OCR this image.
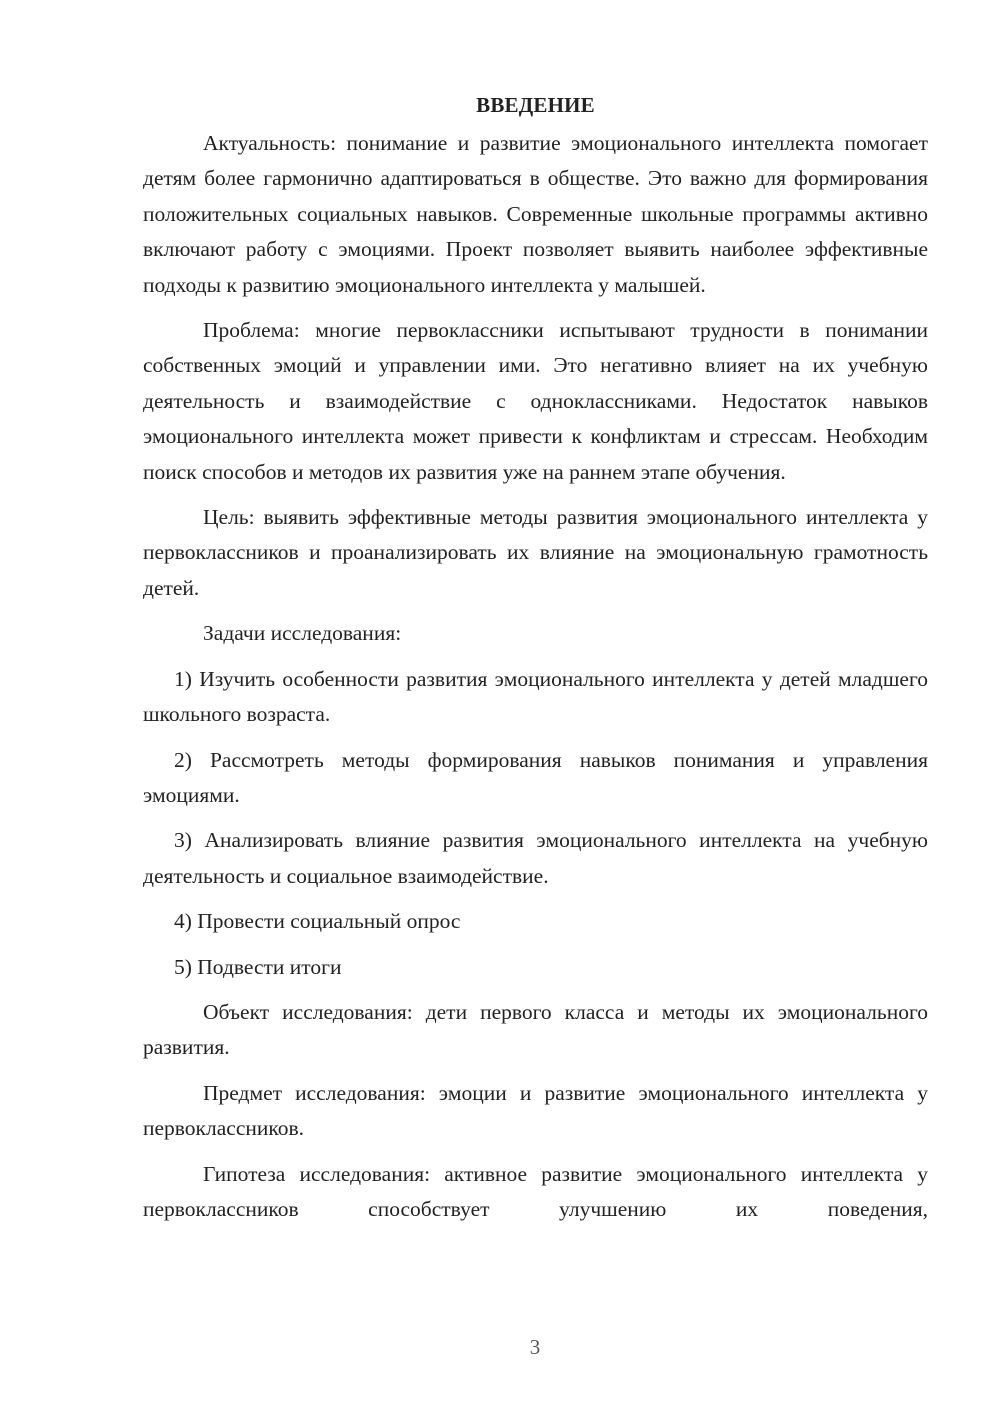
ВВЕДЕНИЕ

Актуальность: понимание и развитие эмоционального интеллекта помогает детям более гармонично адаптироваться в обществе. Это важно для формирования положительных социальных навыков. Современные школьные программы активно включают работу с эмоциями. Проект позволяет выявить наиболее эффективные подходы к развитию эмоционального интеллекта у малышей.

Проблема: многие первоклассники испытывают трудности в понимании собственных эмоций и управлении ими. Это негативно влияет на их учебную деятельность и взаимодействие с одноклассниками. Недостаток навыков эмоционального интеллекта может привести к конфликтам и стрессам. Необходим поиск способов и методов их развития уже на раннем этапе обучения.

Цель: выявить эффективные методы развития эмоционального интеллекта у первоклассников и проанализировать их влияние на эмоциональную грамотность детей.

Задачи исследования:

1) Изучить особенности развития эмоционального интеллекта у детей младшего школьного возраста.

2) Рассмотреть методы формирования навыков понимания и управления эмоциями.

3) Анализировать влияние развития эмоционального интеллекта на учебную деятельность и социальное взаимодействие.

4) Провести социальный опрос

5) Подвести итоги

Объект исследования: дети первого класса и методы их эмоционального развития.

Предмет исследования: эмоции и развитие эмоционального интеллекта у первоклассников.

Гипотеза исследования: активное развитие эмоционального интеллекта у первоклассников способствует улучшению их поведения,

3
